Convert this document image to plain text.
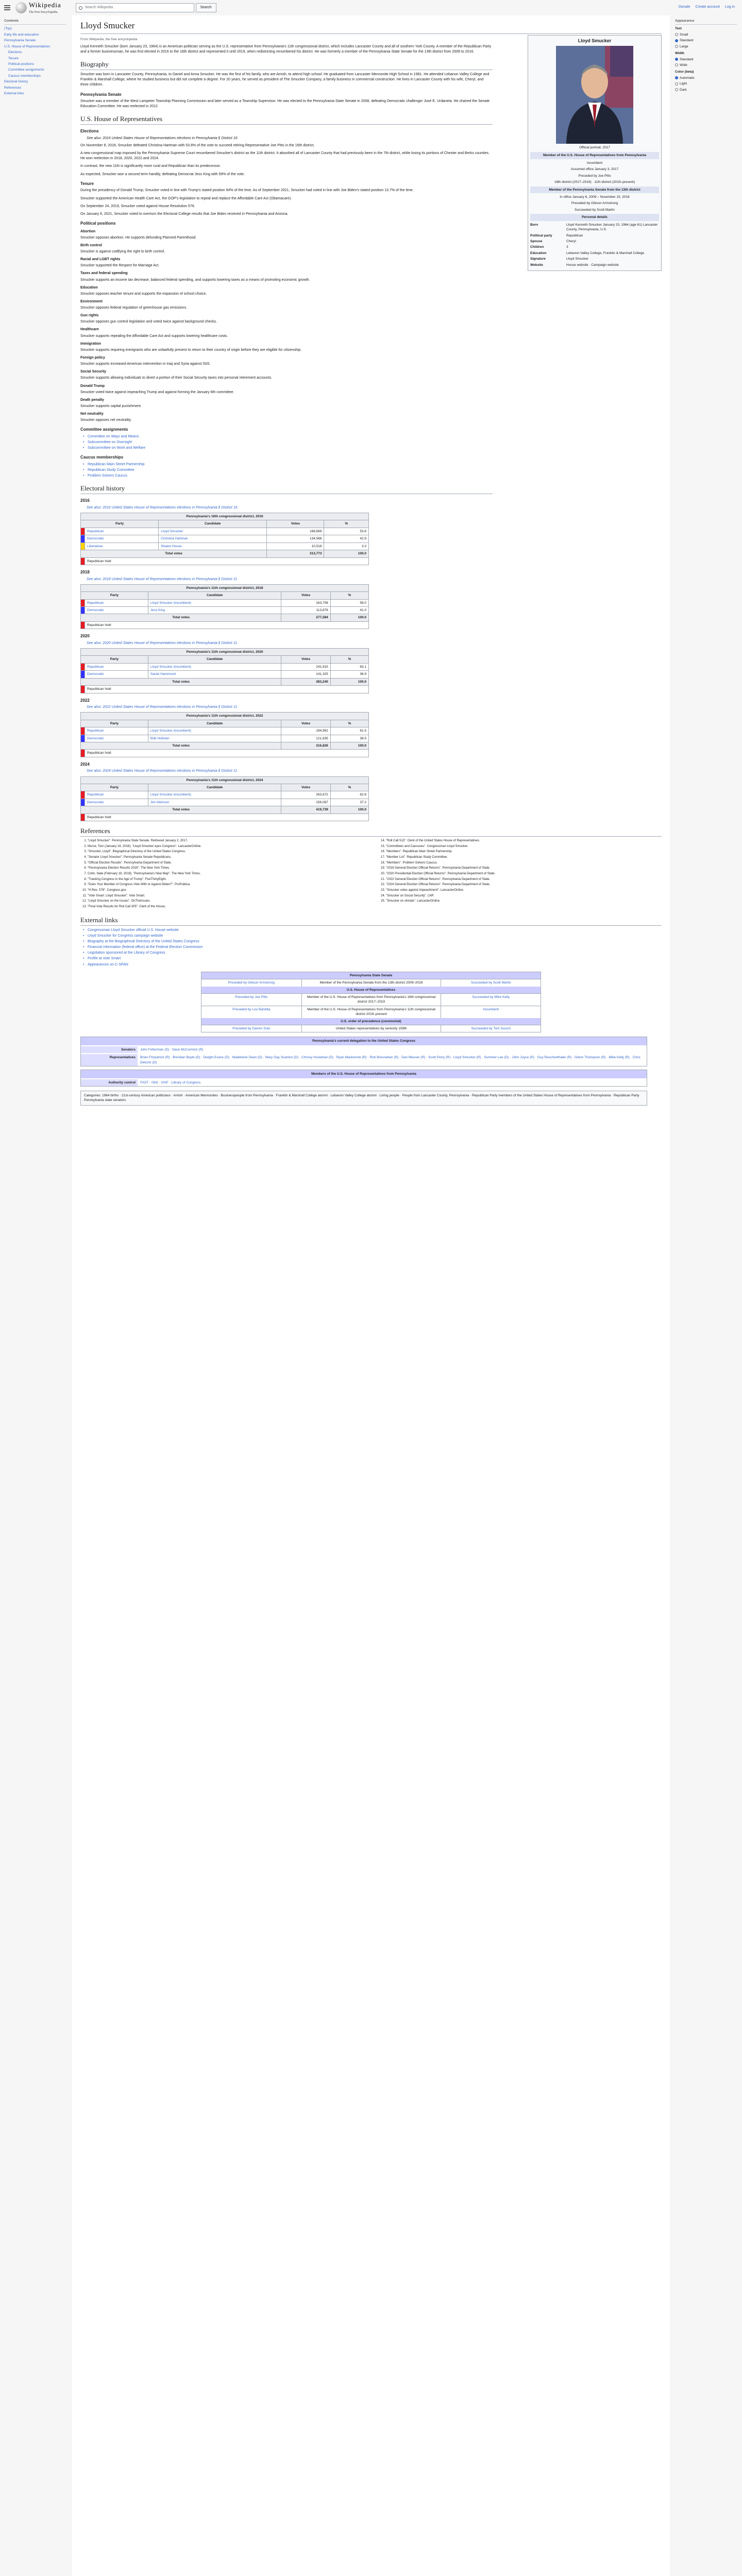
Wikipedia
The Free Encyclopedia
Search Wikipedia	Search	Donate Create account Log in
Contents
(Top)
Early life and education
Pennsylvania Senate
U.S. House of Representatives
Elections
Tenure
Political positions
Committee assignments
Caucus memberships
Electoral history
References
External links
Appearance
Text
Small
Standard
Large
Width
Standard
Wide
Color (beta)
Automatic
Light
Dark
Lloyd Smucker
From Wikipedia, the free encyclopedia	Lloyd Smucker
Official portrait, 2017
Member of the U.S. House of Representatives from Pennsylvania
Incumbent
Assumed office January 3, 2017
Preceded by Joe Pitts
16th district (2017–2019) · 11th district (2019–present)
Member of the Pennsylvania Senate from the 13th district
In office January 6, 2009 – November 15, 2016
Preceded by Gibson Armstrong
Succeeded by Scott Martin
Personal details
Born	Lloyd Kenneth Smucker January 23, 1964 (age 61) Lancaster County, Pennsylvania, U.S.
Political party	Republican
Spouse	Cheryl
Children	3
Education	Lebanon Valley College, Franklin & Marshall College
Signature	Lloyd Smucker
Website	House website · Campaign website

Lloyd Kenneth Smucker (born January 23, 1964) is an American politician serving as the U.S. representative from Pennsylvania's 11th congressional district, which includes Lancaster County and all of southern York County. A member of the Republican Party and a former businessman, he was first elected in 2016 to the 16th district and represented it until 2019, when redistricting renumbered his district. He was formerly a member of the Pennsylvania State Senate for the 13th district from 2009 to 2016.

Biography

Smucker was born in Lancaster County, Pennsylvania, to Daniel and Anna Smucker. He was the first of his family, who are Amish, to attend high school. He graduated from Lancaster Mennonite High School in 1981. He attended Lebanon Valley College and Franklin & Marshall College, where he studied business but did not complete a degree. For 20 years, he served as president of The Smucker Company, a family business in commercial construction. He lives in Lancaster County with his wife, Cheryl, and three children.

Pennsylvania Senate

Smucker was a member of the West Lampeter Township Planning Commission and later served as a Township Supervisor. He was elected to the Pennsylvania State Senate in 2008, defeating Democratic challenger José E. Urdaneta. He chaired the Senate Education Committee. He was reelected in 2012.

U.S. House of Representatives
Elections
See also: 2016 United States House of Representatives elections in Pennsylvania § District 16

On November 8, 2016, Smucker defeated Christina Hartman with 53.8% of the vote to succeed retiring Representative Joe Pitts in the 16th district.

A new congressional map imposed by the Pennsylvania Supreme Court renumbered Smucker's district as the 11th district. It absorbed all of Lancaster County that had previously been in the 7th district, while losing its portions of Chester and Berks counties. He won reelection in 2018, 2020, 2022 and 2024.

In contrast, the new 11th is significantly more rural and Republican than its predecessor.

As expected, Smucker won a second term handily, defeating Democrat Jess King with 59% of the vote.

Tenure

During the presidency of Donald Trump, Smucker voted in line with Trump's stated position 94% of the time. As of September 2021, Smucker had voted in line with Joe Biden's stated position 13.7% of the time.

Smucker supported the American Health Care Act, the GOP's legislation to repeal and replace the Affordable Care Act (Obamacare).

On September 24, 2019, Smucker voted against House Resolution 576.

On January 6, 2021, Smucker voted to overturn the Electoral College results that Joe Biden received in Pennsylvania and Arizona.

Political positions
Abortion

Smucker opposes abortion. He supports defunding Planned Parenthood.

Birth control

Smucker is against codifying the right to birth control.

Racial and LGBT rights

Smucker supported the Respect for Marriage Act.

Taxes and federal spending

Smucker supports an income tax decrease, balanced federal spending, and supports lowering taxes as a means of promoting economic growth.

Education

Smucker opposes teacher tenure and supports the expansion of school choice.

Environment

Smucker opposes federal regulation of greenhouse gas emissions.

Gun rights

Smucker opposes gun control legislation and voted twice against background checks.

Healthcare

Smucker supports repealing the Affordable Care Act and supports lowering healthcare costs.

Immigration

Smucker supports requiring immigrants who are unlawfully present to return to their country of origin before they are eligible for citizenship.

Foreign policy

Smucker supports increased American intervention in Iraq and Syria against ISIS.

Social Security

Smucker supports allowing individuals to divert a portion of their Social Security taxes into personal retirement accounts.

Donald Trump

Smucker voted twice against impeaching Trump and against forming the January 6th committee.

Death penalty

Smucker supports capital punishment.

Net neutrality

Smucker opposes net neutrality.

Committee assignments
• Committee on Ways and Means
• Subcommittee on Oversight
• Subcommittee on Work and Welfare
Caucus memberships
• Republican Main Street Partnership
• Republican Study Committee
• Problem Solvers Caucus
Electoral history
2016
See also: 2016 United States House of Representatives elections in Pennsylvania § District 16
Pennsylvania's 16th congressional district, 2016				
Party		Candidate	Votes	%
	Republican	Lloyd Smucker	168,669	53.8
	Democratic	Christina Hartman	134,586	42.9
	Libertarian	Shawn House	10,518	3.3
Total votes			313,773	100.0
	Republican hold			
2018
See also: 2018 United States House of Representatives elections in Pennsylvania § District 11
Pennsylvania's 11th congressional district, 2018				
Party		Candidate	Votes	%
	Republican	Lloyd Smucker (incumbent)	163,708	59.0
	Democratic	Jess King	113,876	41.0
Total votes			277,584	100.0
	Republican hold			
2020
See also: 2020 United States House of Representatives elections in Pennsylvania § District 11
Pennsylvania's 11th congressional district, 2020				
Party		Candidate	Votes	%
	Republican	Lloyd Smucker (incumbent)	241,915	63.1
	Democratic	Sarah Hammond	141,325	36.9
Total votes			383,240	100.0
	Republican hold			
2022
See also: 2022 United States House of Representatives elections in Pennsylvania § District 11
Pennsylvania's 11th congressional district, 2022				
Party		Candidate	Votes	%
	Republican	Lloyd Smucker (incumbent)	194,991	61.5
	Democratic	Bob Hollister	121,835	38.5
Total votes			316,826	100.0
	Republican hold			
2024
See also: 2024 United States House of Representatives elections in Pennsylvania § District 11
Pennsylvania's 11th congressional district, 2024				
Party		Candidate	Votes	%
	Republican	Lloyd Smucker (incumbent)	263,672	62.8
	Democratic	Jim Atkinson	156,067	37.2
Total votes			419,739	100.0
	Republican hold			
References
1. "Lloyd Smucker". Pennsylvania State Senate. Retrieved January 2, 2017.
2. Murse, Tom (January 18, 2016). "Lloyd Smucker eyes Congress". LancasterOnline.
3. "Smucker, Lloyd". Biographical Directory of the United States Congress.
4. "Senator Lloyd Smucker". Pennsylvania Senate Republicans.
5. "Official Election Results". Pennsylvania Department of State.
6. "Pennsylvania Election Results 2016". The New York Times.
7. Cohn, Nate (February 19, 2018). "Pennsylvania's New Map". The New York Times.
8. "Tracking Congress in the Age of Trump". FiveThirtyEight.
9. "Does Your Member of Congress Vote With or Against Biden?". ProPublica.
10. "H.Res. 576". Congress.gov.
11. "Vote Smart: Lloyd Smucker". Vote Smart.
12. "Lloyd Smucker on the Issues". OnTheIssues.
13. "Final Vote Results for Roll Call 305". Clerk of the House.
14. "Roll Call 513". Clerk of the United States House of Representatives.
15. "Committees and Caucuses". Congressman Lloyd Smucker.
16. "Members". Republican Main Street Partnership.
17. "Member List". Republican Study Committee.
18. "Members". Problem Solvers Caucus.
19. "2018 General Election Official Returns". Pennsylvania Department of State.
20. "2020 Presidential Election Official Returns". Pennsylvania Department of State.
21. "2022 General Election Official Returns". Pennsylvania Department of State.
22. "2024 General Election Official Returns". Pennsylvania Department of State.
23. "Smucker votes against impeachment". LancasterOnline.
24. "Smucker on Social Security". LNP.
25. "Smucker on climate". LancasterOnline.
External links
• Congressman Lloyd Smucker official U.S. House website
• Lloyd Smucker for Congress campaign website
• Biography at the Biographical Directory of the United States Congress
• Financial information (federal office) at the Federal Election Commission
• Legislation sponsored at the Library of Congress
• Profile at Vote Smart
• Appearances on C-SPAN
Pennsylvania State Senate
Preceded by Gibson Armstrong	Member of the Pennsylvania Senate from the 13th district 2009–2016	Succeeded by Scott Martin
U.S. House of Representatives
Preceded by Joe Pitts	Member of the U.S. House of Representatives from Pennsylvania's 16th congressional district 2017–2019
Succeeded by Mike Kelly
Preceded by Lou Barletta	Member of the U.S. House of Representatives from Pennsylvania's 11th congressional district 2019–present
Incumbent
U.S. order of precedence (ceremonial)
Preceded by Darren Soto	United States representatives by seniority 159th	Succeeded by Tom Suozzi
Pennsylvania's current delegation to the United States Congress
Senators	John Fetterman (D) · Dave McCormick (R)
Representatives	Brian Fitzpatrick (R) · Brendan Boyle (D) · Dwight Evans (D) · Madeleine Dean (D) · Mary Gay Scanlon (D) · Chrissy Houlahan (D) · Ryan Mackenzie (R) · Rob Bresnahan (R) · Dan Meuser (R) · Scott Perry (R) · Lloyd Smucker (R) · Summer Lee (D) · John Joyce (R) · Guy Reschenthaler (R) · Glenn Thompson (R) · Mike Kelly (R) · Chris Deluzio (D)
Members of the U.S. House of Representatives from Pennsylvania
Authority control	FAST · ISNI · VIAF · Library of Congress
Categories: 1964 births · 21st-century American politicians · Amish · American Mennonites · Businesspeople from Pennsylvania · Franklin & Marshall College alumni · Lebanon Valley College alumni · Living people · People from Lancaster County, Pennsylvania · Republican Party members of the United States House of Representatives from Pennsylvania · Republican Party Pennsylvania state senators
